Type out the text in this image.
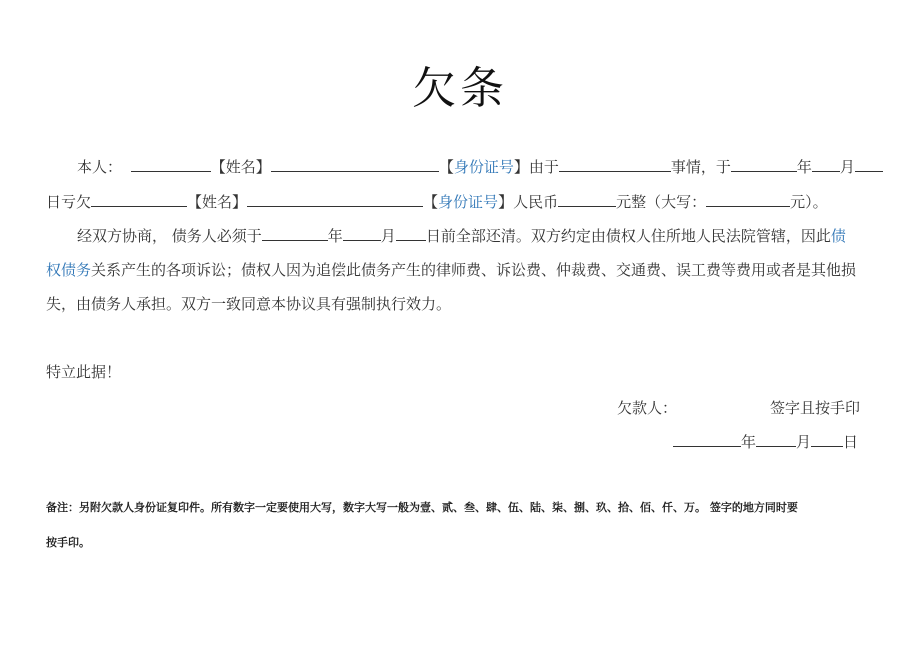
欠条
本人：	【姓名】	【身份证号】由于	事情，于	年 月
日亏欠	【姓名】	【身份证号】人民币	元整（大写：	元）。
经双方协商， 债务人必须于	年	月 日前全部还清。双方约定由债权人住所地人民法院管辖，因此债
权债务关系产生的各项诉讼；债权人因为追偿此债务产生的律师费、诉讼费、仲裁费、交通费、误工费等费用或者是其他损
失，由债务人承担。双方一致同意本协议具有强制执行效力。
特立此据！
欠款人：	签字且按手印
年	月 日
备注：另附欠款人身份证复印件。所有数字一定要使用大写，数字大写一般为壹、贰、叁、肆、伍、陆、柒、捌、玖、拾、佰、仟、万。 签字的地方同时要
按手印。
